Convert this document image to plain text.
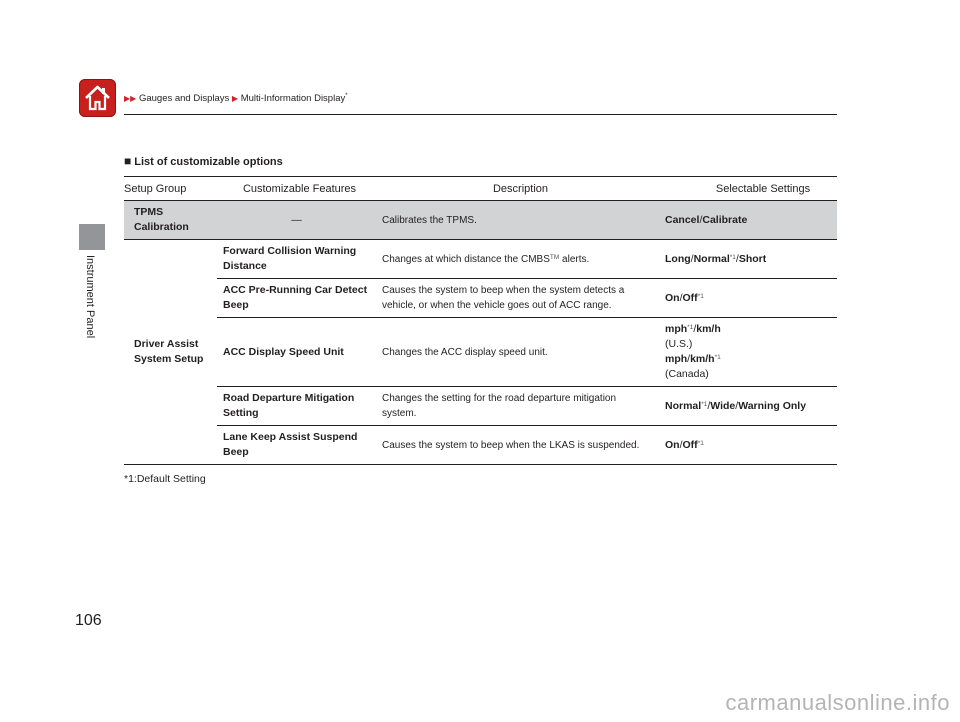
▶▶ Gauges and Displays ▶ Multi-Information Display*
Instrument Panel
■ List of customizable options
Setup Group	Customizable Features	Description	Selectable Settings
TPMS Calibration	—	Calibrates the TPMS.	Cancel/Calibrate
Driver Assist System Setup	Forward Collision Warning Distance	Changes at which distance the CMBS™ alerts.	Long/Normal$^{*1}$/Short
	ACC Pre-Running Car Detect Beep	Causes the system to beep when the system detects a vehicle, or when the vehicle goes out of ACC range.	On/Off$^{*1}$
	ACC Display Speed Unit	Changes the ACC display speed unit.	mph$^{*1}$/km/h
(U.S.)
mph/km/h$^{*1}$
(Canada)
	Road Departure Mitigation Setting	Changes the setting for the road departure mitigation system.	Normal$^{*1}$/Wide/Warning Only
	Lane Keep Assist Suspend Beep	Causes the system to beep when the LKAS is suspended.	On/Off$^{*1}$
*1:Default Setting
106
carmanualsonline.info
